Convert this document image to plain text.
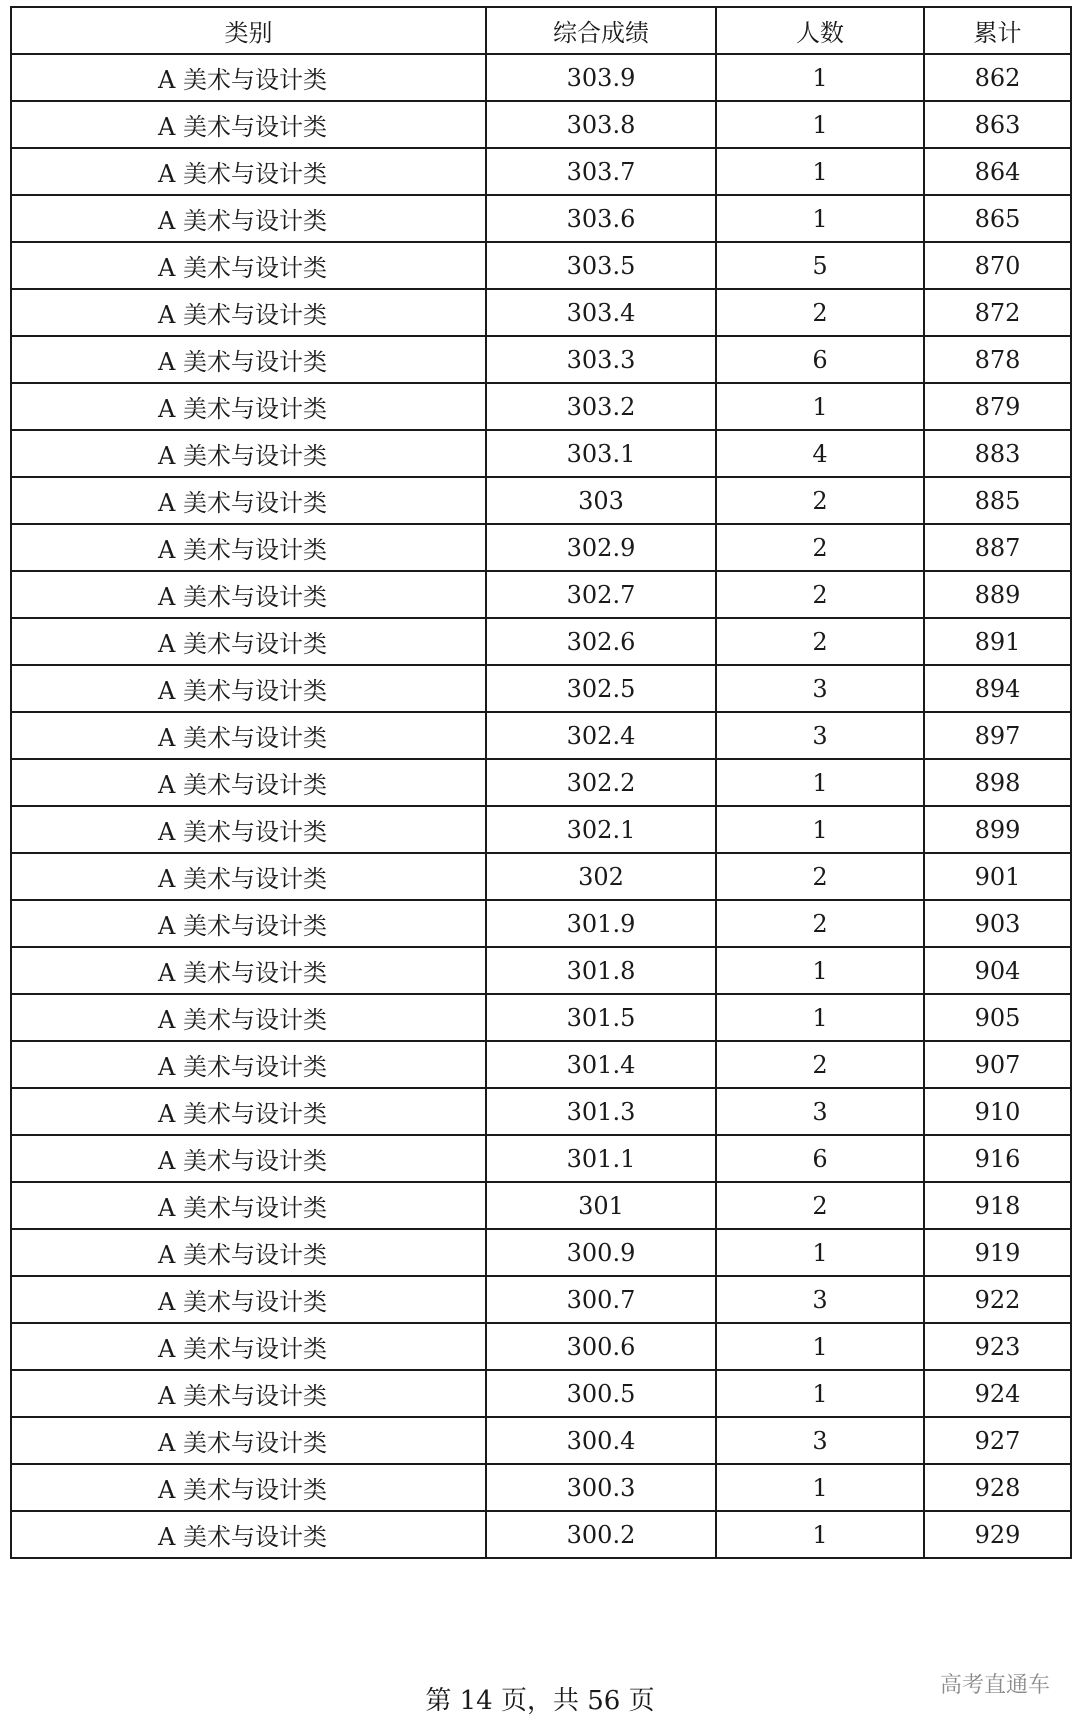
类别	综合成绩	人数	累计
A 美术与设计类	303.9	1	862
A 美术与设计类	303.8	1	863
A 美术与设计类	303.7	1	864
A 美术与设计类	303.6	1	865
A 美术与设计类	303.5	5	870
A 美术与设计类	303.4	2	872
A 美术与设计类	303.3	6	878
A 美术与设计类	303.2	1	879
A 美术与设计类	303.1	4	883
A 美术与设计类	303	2	885
A 美术与设计类	302.9	2	887
A 美术与设计类	302.7	2	889
A 美术与设计类	302.6	2	891
A 美术与设计类	302.5	3	894
A 美术与设计类	302.4	3	897
A 美术与设计类	302.2	1	898
A 美术与设计类	302.1	1	899
A 美术与设计类	302	2	901
A 美术与设计类	301.9	2	903
A 美术与设计类	301.8	1	904
A 美术与设计类	301.5	1	905
A 美术与设计类	301.4	2	907
A 美术与设计类	301.3	3	910
A 美术与设计类	301.1	6	916
A 美术与设计类	301	2	918
A 美术与设计类	300.9	1	919
A 美术与设计类	300.7	3	922
A 美术与设计类	300.6	1	923
A 美术与设计类	300.5	1	924
A 美术与设计类	300.4	3	927
A 美术与设计类	300.3	1	928
A 美术与设计类	300.2	1	929
第 14 页，共 56 页
高考直通车
